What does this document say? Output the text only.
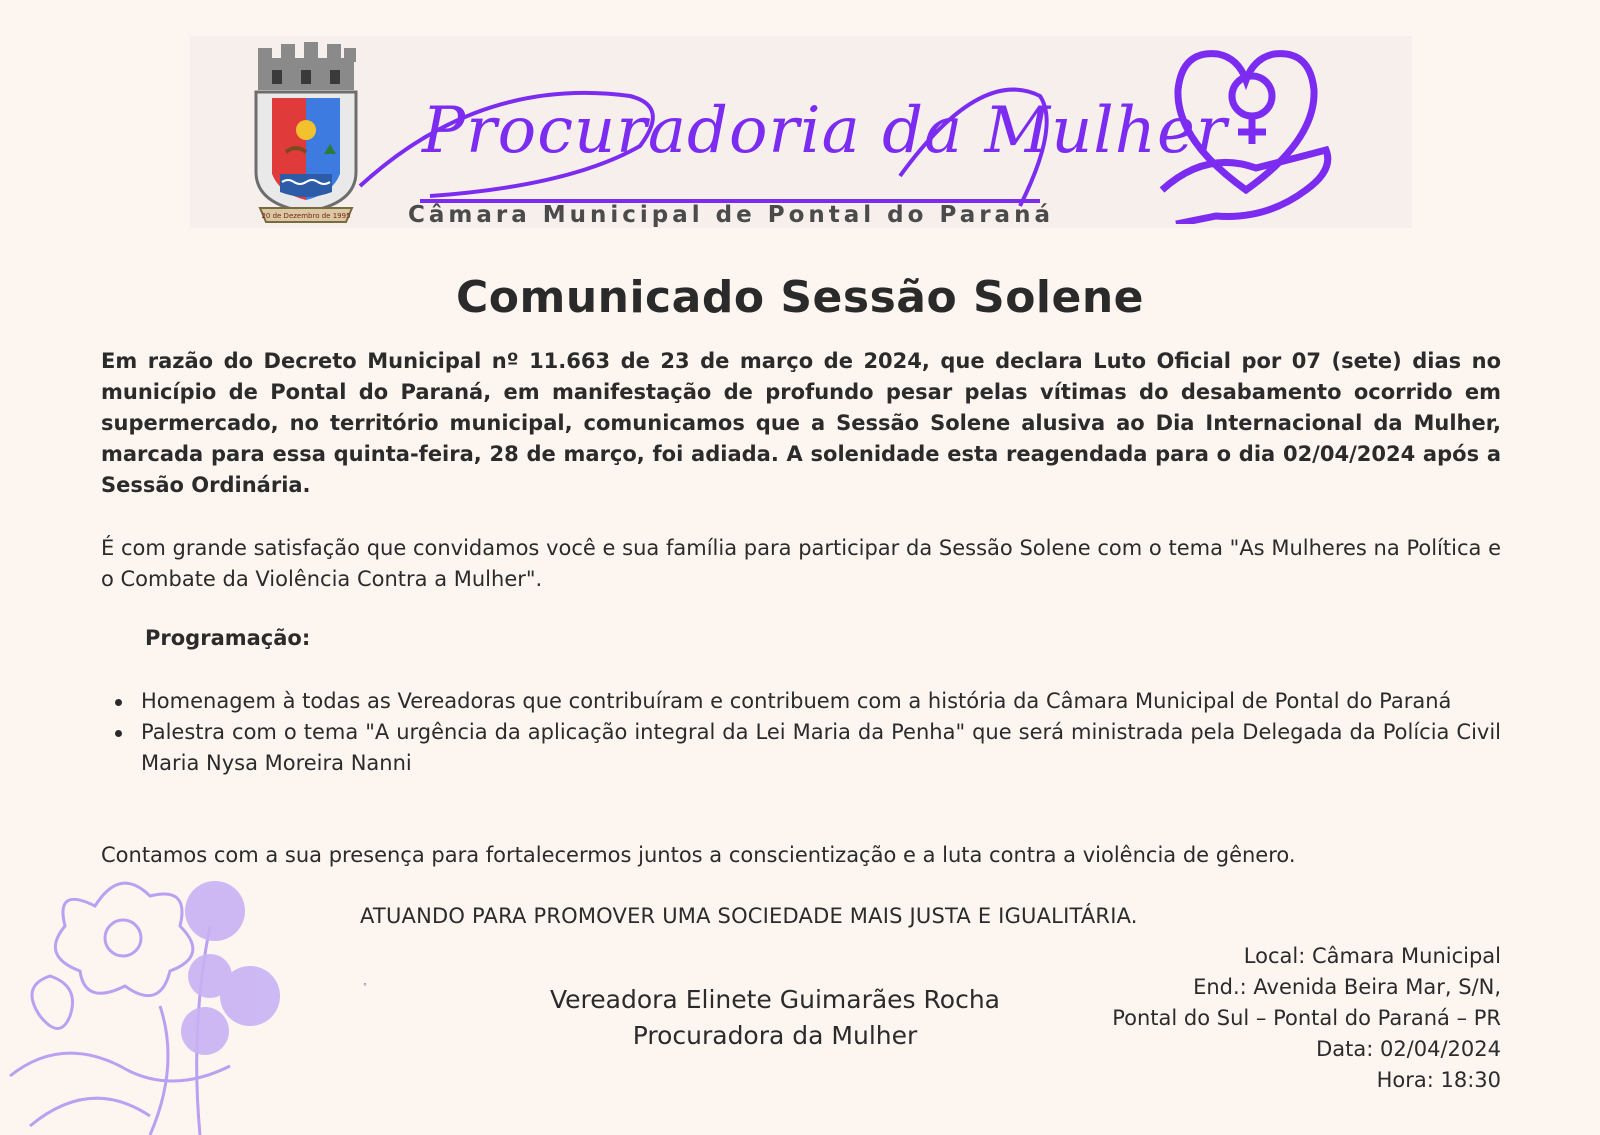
20 de Dezembro de 1995
Procuradoria da Mulher
Câmara Municipal de Pontal do Paraná
Comunicado Sessão Solene

Em razão do Decreto Municipal nº 11.663 de 23 de março de 2024, que declara Luto Oficial por 07 (sete) dias no município de Pontal do Paraná, em manifestação de profundo pesar pelas vítimas do desabamento ocorrido em supermercado, no território municipal, comunicamos que a Sessão Solene alusiva ao Dia Internacional da Mulher, marcada para essa quinta-feira, 28 de março, foi adiada. A solenidade esta reagendada para o dia 02/04/2024 após a Sessão Ordinária.

É com grande satisfação que convidamos você e sua família para participar da Sessão Solene com o tema "As Mulheres na Política e o Combate da Violência Contra a Mulher".

Programação:

Homenagem à todas as Vereadoras que contribuíram e contribuem com a história da Câmara Municipal de Pontal do Paraná
Palestra com o tema "A urgência da aplicação integral da Lei Maria da Penha" que será ministrada pela Delegada da Polícia Civil Maria Nysa Moreira Nanni

Contamos com a sua presença para fortalecermos juntos a conscientização e a luta contra a violência de gênero.

ATUANDO PARA PROMOVER UMA SOCIEDADE MAIS JUSTA E IGUALITÁRIA.

°	Vereadora Elinete Guimarães Rocha
Procuradora da Mulher
Local: Câmara Municipal
End.: Avenida Beira Mar, S/N,
Pontal do Sul – Pontal do Paraná – PR
Data: 02/04/2024
Hora: 18:30
